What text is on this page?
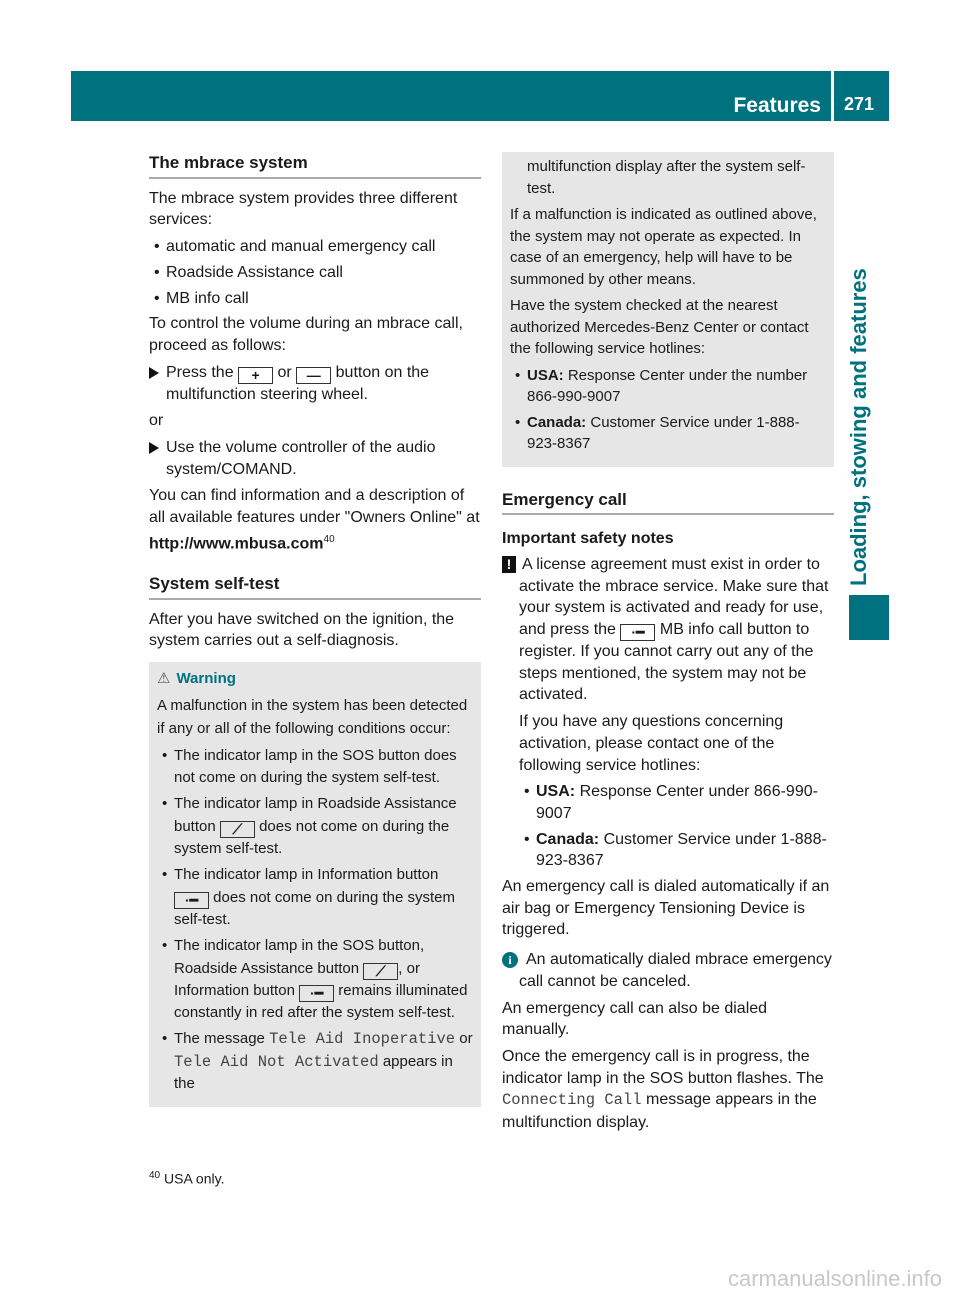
Features 271
Loading, stowing and features
The mbrace system

The mbrace system provides three different services:

• automatic and manual emergency call
• Roadside Assistance call
• MB info call

To control the volume during an mbrace call, proceed as follows:

Press the + or — button on the multifunction steering wheel.

or

Use the volume controller of the audio system/COMAND.

You can find information and a description of all available features under "Owners Online" at http://www.mbusa.com$^{40}$

System self-test

After you have switched on the ignition, the system carries out a self-diagnosis.

⚠ Warning

A malfunction in the system has been detected if any or all of the following conditions occur:

• The indicator lamp in the SOS button does not come on during the system self-test.
• The indicator lamp in Roadside Assistance button ⟋ does not come on during the system self-test.
• The indicator lamp in Information button ·━ does not come on during the system self-test.
• The indicator lamp in the SOS button, Roadside Assistance button ⟋ , or Information button ·━ remains illuminated constantly in red after the system self-test.
• The message Tele Aid Inoperative or Tele Aid Not Activated appears in the

multifunction display after the system self-test.

If a malfunction is indicated as outlined above, the system may not operate as expected. In case of an emergency, help will have to be summoned by other means.

Have the system checked at the nearest authorized Mercedes-Benz Center or contact the following service hotlines:

• USA: Response Center under the number 866-990-9007
• Canada: Customer Service under 1-888-923-8367
Emergency call
Important safety notes

! A license agreement must exist in order to activate the mbrace service. Make sure that your system is activated and ready for use, and press the ·━ MB info call button to register. If you cannot carry out any of the steps mentioned, the system may not be activated.

If you have any questions concerning activation, please contact one of the following service hotlines:

• USA: Response Center under 866-990-9007
• Canada: Customer Service under 1-888-923-8367

An emergency call is dialed automatically if an air bag or Emergency Tensioning Device is triggered.

i An automatically dialed mbrace emergency call cannot be canceled.

An emergency call can also be dialed manually.

Once the emergency call is in progress, the indicator lamp in the SOS button flashes. The Connecting Call message appears in the multifunction display.

$^{40}$ USA only.
carmanualsonline.info
